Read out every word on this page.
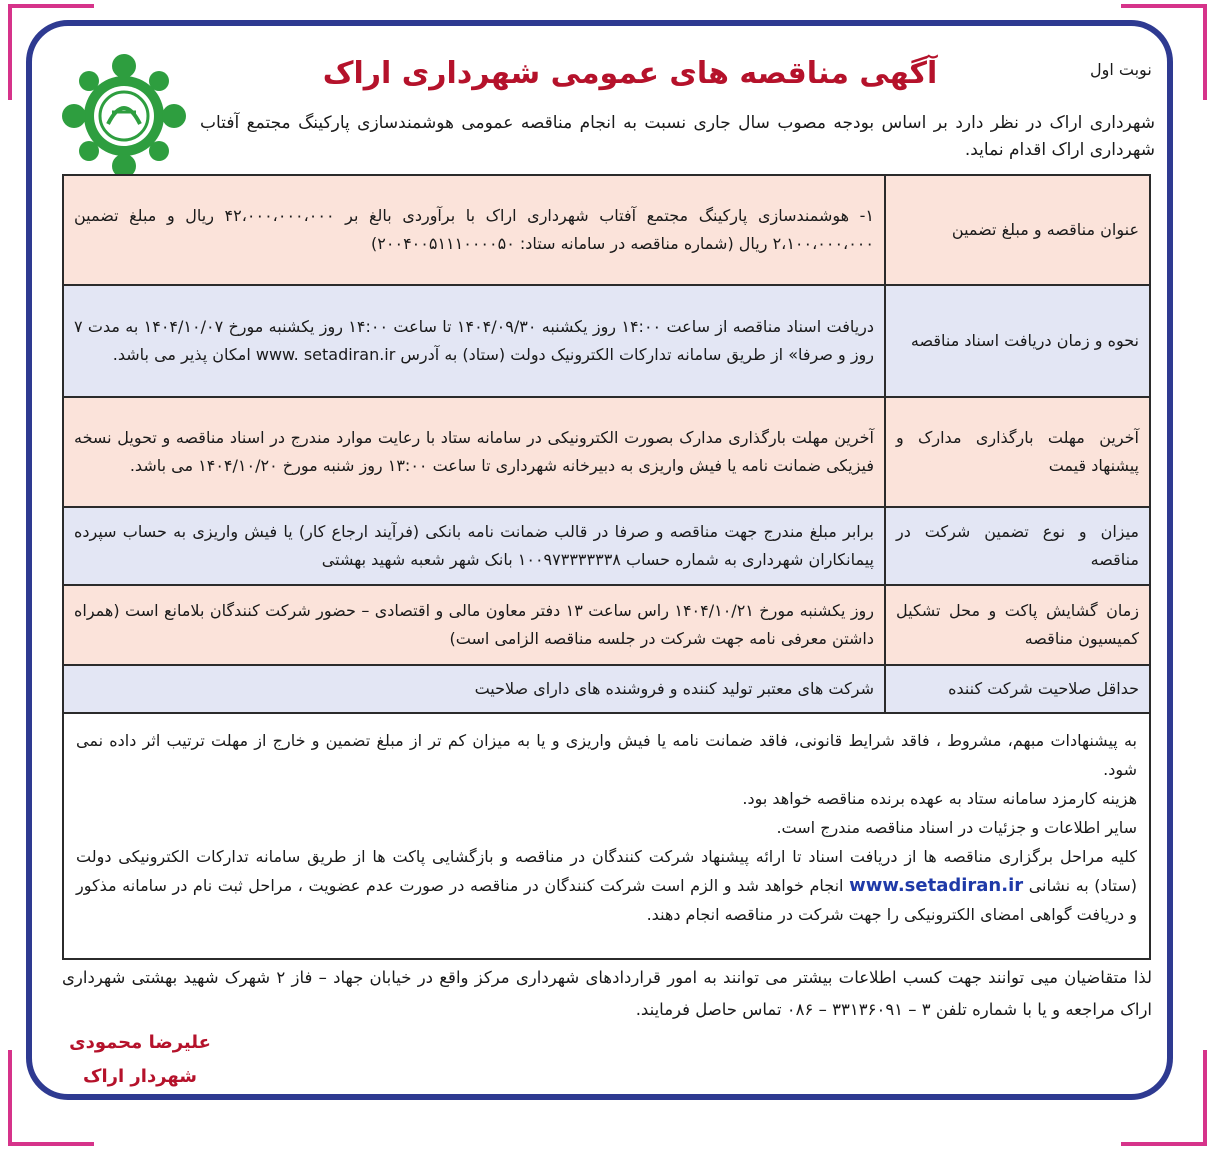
نوبت اول
آگهی مناقصه های عمومی شهرداری اراک
شهرداری اراک در نظر دارد بر اساس بودجه مصوب سال جاری نسبت به انجام مناقصه عمومی هوشمندسازی پارکینگ مجتمع آفتاب شهرداری اراک اقدام نماید.
عنوان مناقصه و مبلغ تضمین	۱- هوشمندسازی پارکینگ مجتمع آفتاب شهرداری اراک با برآوردی بالغ بر ۴۲،۰۰۰،۰۰۰،۰۰۰ ریال و مبلغ تضمین ۲،۱۰۰،۰۰۰،۰۰۰ ریال (شماره مناقصه در سامانه ستاد: ۲۰۰۴۰۰۵۱۱۱۰۰۰۰۵۰)
نحوه و زمان دریافت اسناد مناقصه	دریافت اسناد مناقصه از ساعت ۱۴:۰۰ روز یکشنبه ۱۴۰۴/۰۹/۳۰ تا ساعت ۱۴:۰۰ روز یکشنبه مورخ ۱۴۰۴/۱۰/۰۷ به مدت ۷ روز و صرفا» از طریق سامانه تدارکات الکترونیک دولت (ستاد) به آدرس www. setadiran.ir امکان پذیر می باشد.
آخرین مهلت بارگذاری مدارک و پیشنهاد قیمت	آخرین مهلت بارگذاری مدارک بصورت الکترونیکی در سامانه ستاد با رعایت موارد مندرج در اسناد مناقصه و تحویل نسخه فیزیکی ضمانت نامه یا فیش واریزی به دبیرخانه شهرداری تا ساعت ۱۳:۰۰ روز شنبه مورخ ۱۴۰۴/۱۰/۲۰ می باشد.
میزان و نوع تضمین شرکت در مناقصه	برابر مبلغ مندرج جهت مناقصه و صرفا در قالب ضمانت نامه بانکی (فرآیند ارجاع کار) یا فیش واریزی به حساب سپرده پیمانکاران شهرداری به شماره حساب ۱۰۰۹۷۳۳۳۳۳۳۸ بانک شهر شعبه شهید بهشتی
زمان گشایش پاکت و محل تشکیل کمیسیون مناقصه	روز یکشنبه مورخ ۱۴۰۴/۱۰/۲۱ راس ساعت ۱۳ دفتر معاون مالی و اقتصادی – حضور شرکت کنندگان بلامانع است (همراه داشتن معرفی نامه جهت شرکت در جلسه مناقصه الزامی است)
حداقل صلاحیت شرکت کننده	شرکت های معتبر تولید کننده و فروشنده های دارای صلاحیت

به پیشنهادات مبهم، مشروط ، فاقد شرایط قانونی، فاقد ضمانت نامه یا فیش واریزی و یا به میزان کم تر از مبلغ تضمین و خارج از مهلت ترتیب اثر داده نمی شود.

هزینه کارمزد سامانه ستاد به عهده برنده مناقصه خواهد بود.

سایر اطلاعات و جزئیات در اسناد مناقصه مندرج است.

کلیه مراحل برگزاری مناقصه ها از دریافت اسناد تا ارائه پیشنهاد شرکت کنندگان در مناقصه و بازگشایی پاکت ها از طریق سامانه تدارکات الکترونیکی دولت (ستاد) به نشانی www.setadiran.ir انجام خواهد شد و الزم است شرکت کنندگان در مناقصه در صورت عدم عضویت ، مراحل ثبت نام در سامانه مذکور و دریافت گواهی امضای الکترونیکی را جهت شرکت در مناقصه انجام دهند.

لذا متقاضیان میی توانند جهت کسب اطلاعات بیشتر می توانند به امور قراردادهای شهرداری مرکز واقع در خیابان جهاد – فاز ۲ شهرک شهید بهشتی شهرداری اراک مراجعه و یا با شماره تلفن ۳ – ۳۳۱۳۶۰۹۱ – ۰۸۶ تماس حاصل فرمایند.
علیرضا محمودی
شهردار اراک
